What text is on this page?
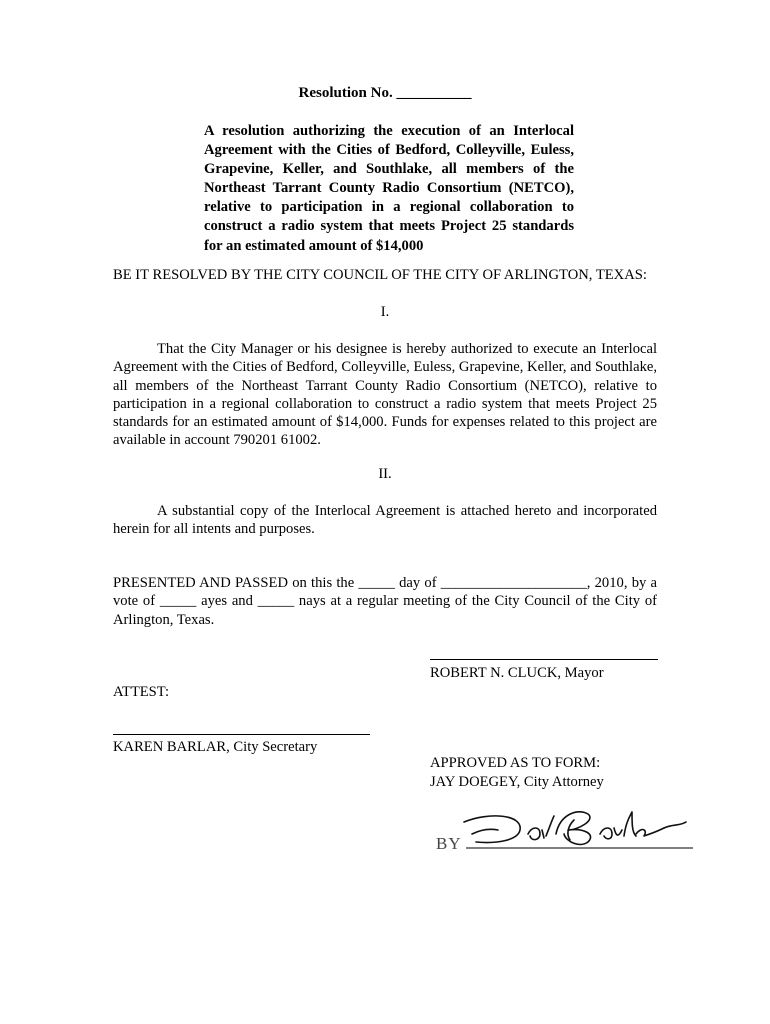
Resolution No. __________
A resolution authorizing the execution of an Interlocal Agreement with the Cities of Bedford, Colleyville, Euless, Grapevine, Keller, and Southlake, all members of the Northeast Tarrant County Radio Consortium (NETCO), relative to participation in a regional collaboration to construct a radio system that meets Project 25 standards for an estimated amount of $14,000
BE IT RESOLVED BY THE CITY COUNCIL OF THE CITY OF ARLINGTON, TEXAS:
I.
That the City Manager or his designee is hereby authorized to execute an Interlocal Agreement with the Cities of Bedford, Colleyville, Euless, Grapevine, Keller, and Southlake, all members of the Northeast Tarrant County Radio Consortium (NETCO), relative to participation in a regional collaboration to construct a radio system that meets Project 25 standards for an estimated amount of $14,000. Funds for expenses related to this project are available in account 790201 61002.
II.
A substantial copy of the Interlocal Agreement is attached hereto and incorporated herein for all intents and purposes.
PRESENTED AND PASSED on this the _____ day of ____________________, 2010, by a vote of _____ ayes and _____ nays at a regular meeting of the City Council of the City of Arlington, Texas.
ROBERT N. CLUCK, Mayor
ATTEST:
KAREN BARLAR, City Secretary
APPROVED AS TO FORM:
JAY DOEGEY, City Attorney
BY
